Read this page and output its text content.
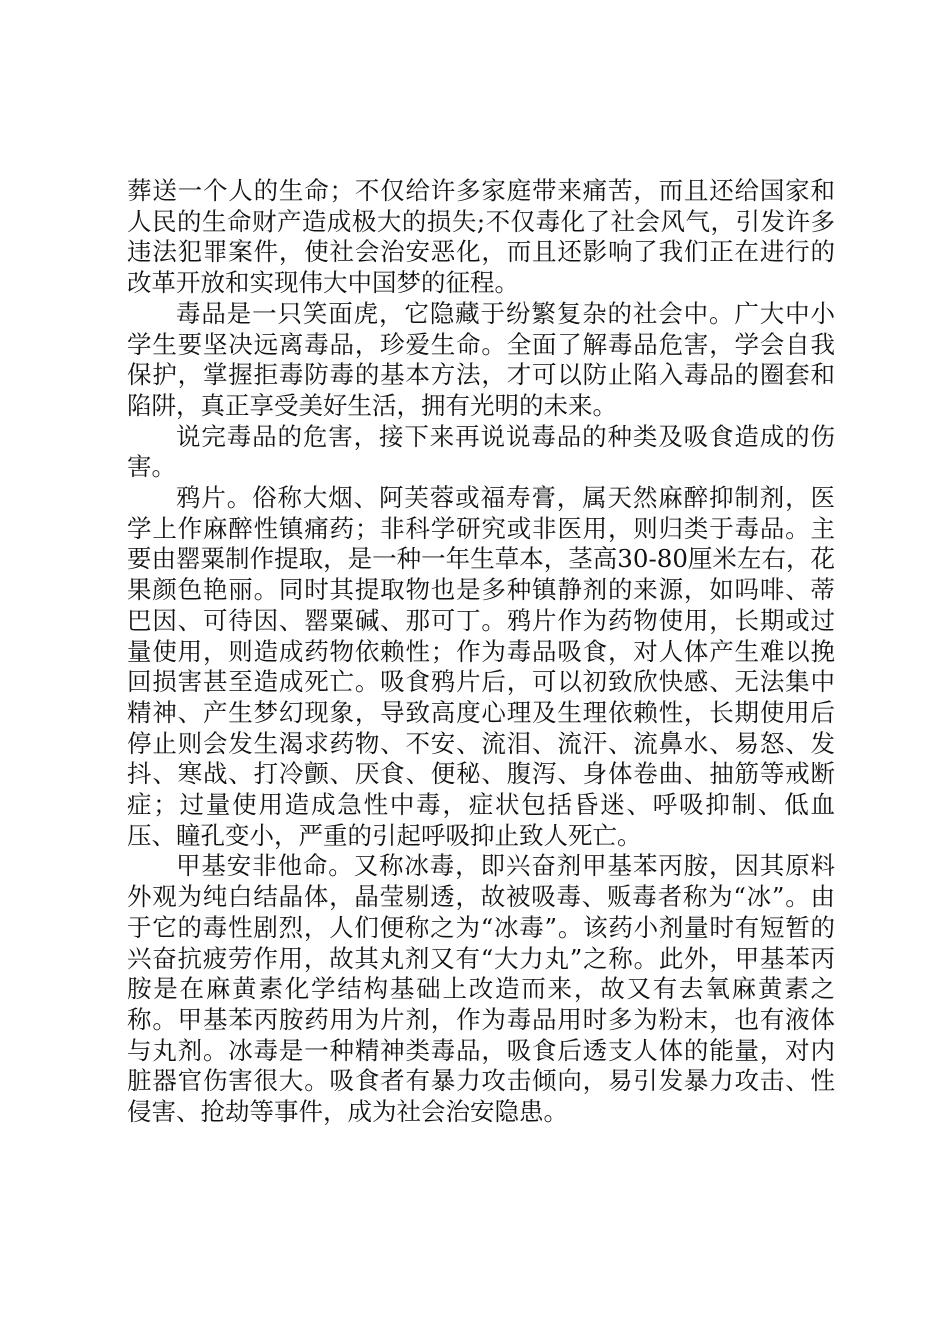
葬送一个人的生命；不仅给许多家庭带来痛苦，而且还给国家和人民的生命财产造成极大的损失;不仅毒化了社会风气，引发许多违法犯罪案件，使社会治安恶化，而且还影响了我们正在进行的改革开放和实现伟大中国梦的征程。

毒品是一只笑面虎，它隐藏于纷繁复杂的社会中。广大中小学生要坚决远离毒品，珍爱生命。全面了解毒品危害，学会自我保护，掌握拒毒防毒的基本方法，才可以防止陷入毒品的圈套和陷阱，真正享受美好生活，拥有光明的未来。

说完毒品的危害，接下来再说说毒品的种类及吸食造成的伤害。

鸦片。俗称大烟、阿芙蓉或福寿膏，属天然麻醉抑制剂，医学上作麻醉性镇痛药；非科学研究或非医用，则归类于毒品。主要由罂粟制作提取，是一种一年生草本，茎高30-80厘米左右，花果颜色艳丽。同时其提取物也是多种镇静剂的来源，如吗啡、蒂巴因、可待因、罂粟碱、那可丁。鸦片作为药物使用，长期或过量使用，则造成药物依赖性；作为毒品吸食，对人体产生难以挽回损害甚至造成死亡。吸食鸦片后，可以初致欣快感、无法集中精神、产生梦幻现象，导致高度心理及生理依赖性，长期使用后停止则会发生渴求药物、不安、流泪、流汗、流鼻水、易怒、发抖、寒战、打冷颤、厌食、便秘、腹泻、身体卷曲、抽筋等戒断症；过量使用造成急性中毒，症状包括昏迷、呼吸抑制、低血压、瞳孔变小，严重的引起呼吸抑止致人死亡。

甲基安非他命。又称冰毒，即兴奋剂甲基苯丙胺，因其原料外观为纯白结晶体，晶莹剔透，故被吸毒、贩毒者称为“冰”。由于它的毒性剧烈，人们便称之为“冰毒”。该药小剂量时有短暂的兴奋抗疲劳作用，故其丸剂又有“大力丸”之称。此外，甲基苯丙胺是在麻黄素化学结构基础上改造而来，故又有去氧麻黄素之称。甲基苯丙胺药用为片剂，作为毒品用时多为粉末，也有液体与丸剂。冰毒是一种精神类毒品，吸食后透支人体的能量，对内脏器官伤害很大。吸食者有暴力攻击倾向，易引发暴力攻击、性侵害、抢劫等事件，成为社会治安隐患。
